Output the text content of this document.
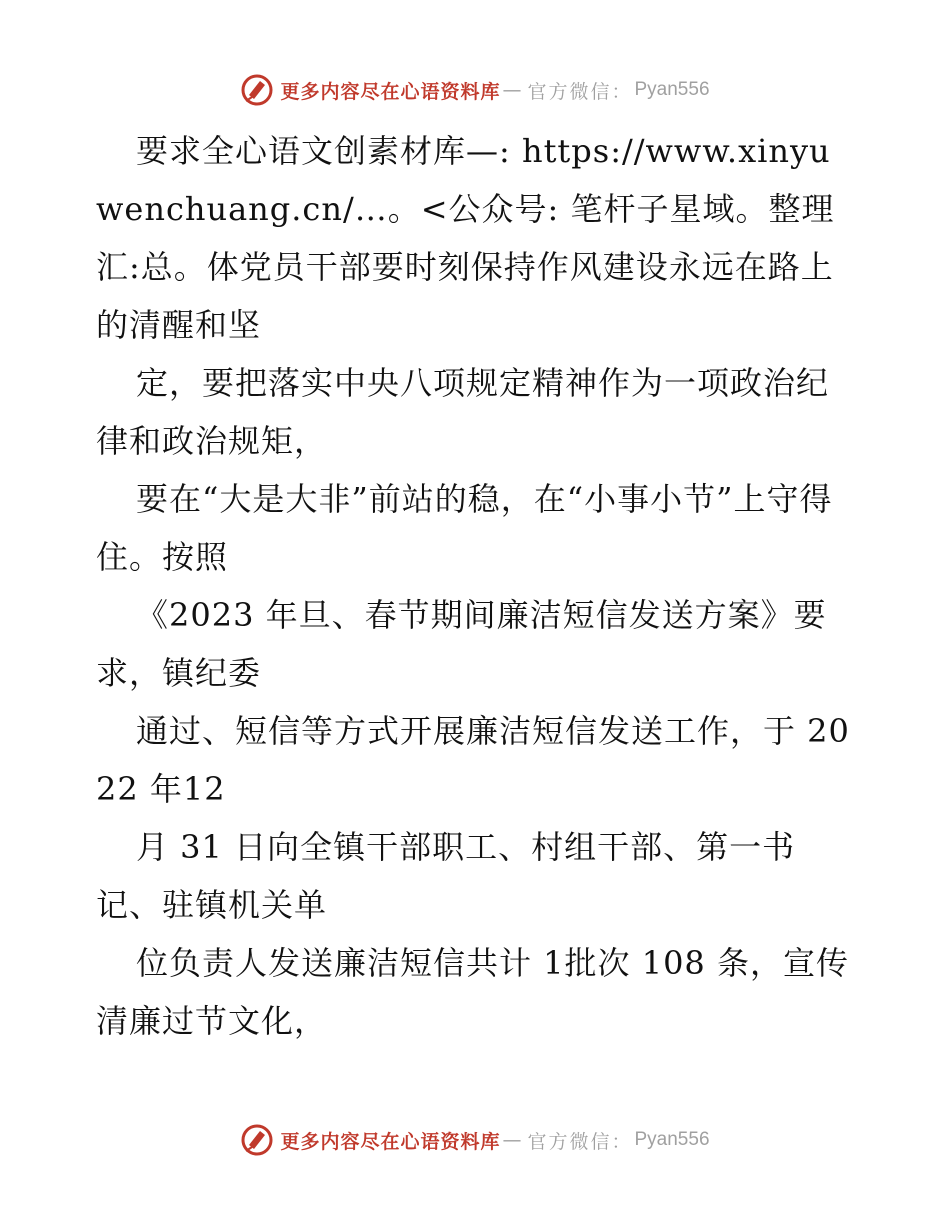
更多内容尽在心语资料库 — 官方微信： Pyan556

要求全心语文创素材库—: https://www.xinyuwenchuang.cn/…。<公众号: 笔杆子星域。整理汇:总。体党员干部要时刻保持作风建设永远在路上的清醒和坚

定，要把落实中央八项规定精神作为一项政治纪律和政治规矩，

要在“大是大非”前站的稳，在“小事小节”上守得住。按照

《2023 年旦、春节期间廉洁短信发送方案》要求，镇纪委

通过、短信等方式开展廉洁短信发送工作，于 2022 年12

月 31 日向全镇干部职工、村组干部、第一书记、驻镇机关单

位负责人发送廉洁短信共计 1批次 108 条，宣传清廉过节文化，

更多内容尽在心语资料库 — 官方微信： Pyan556
